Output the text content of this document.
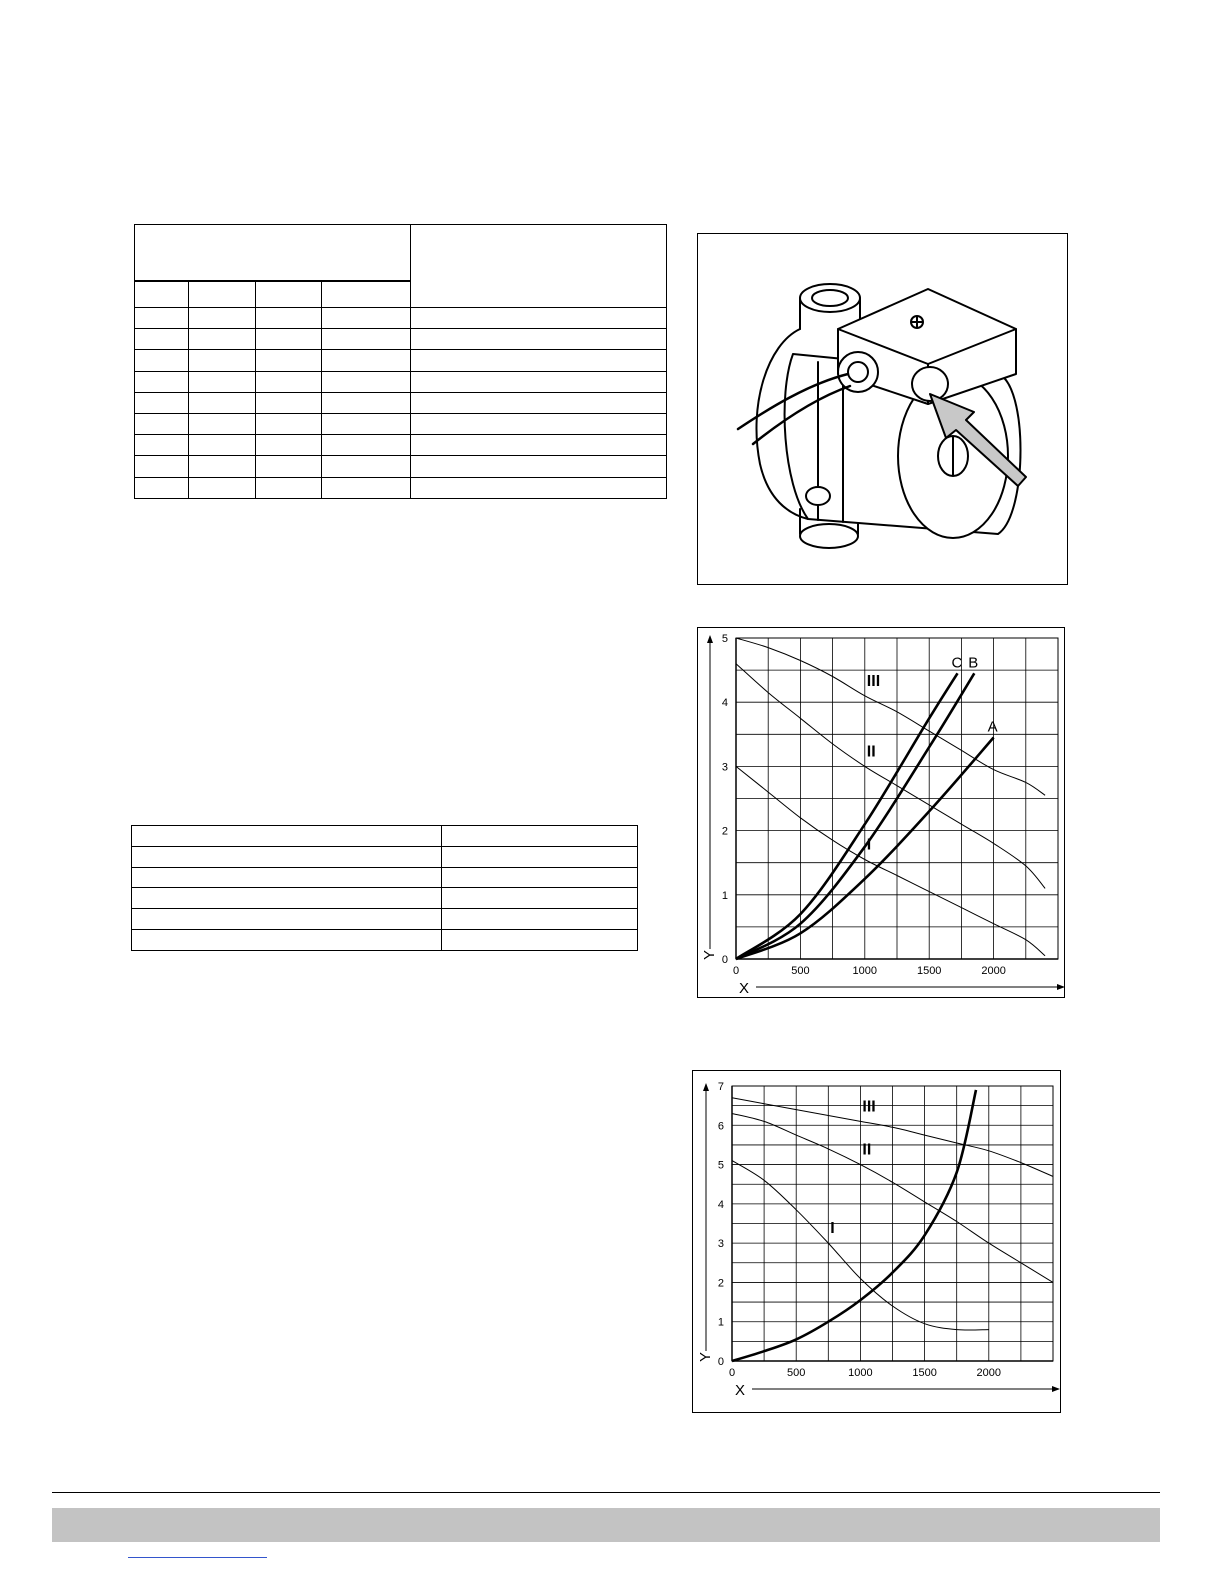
0	500	1000	1500	2000
0
1
2
3
4
5
Y
X
I
II
III
A
B
C
0	500	1000	1500	2000
0
1
2
3
4
5
6
7
Y
X
I
II
III
